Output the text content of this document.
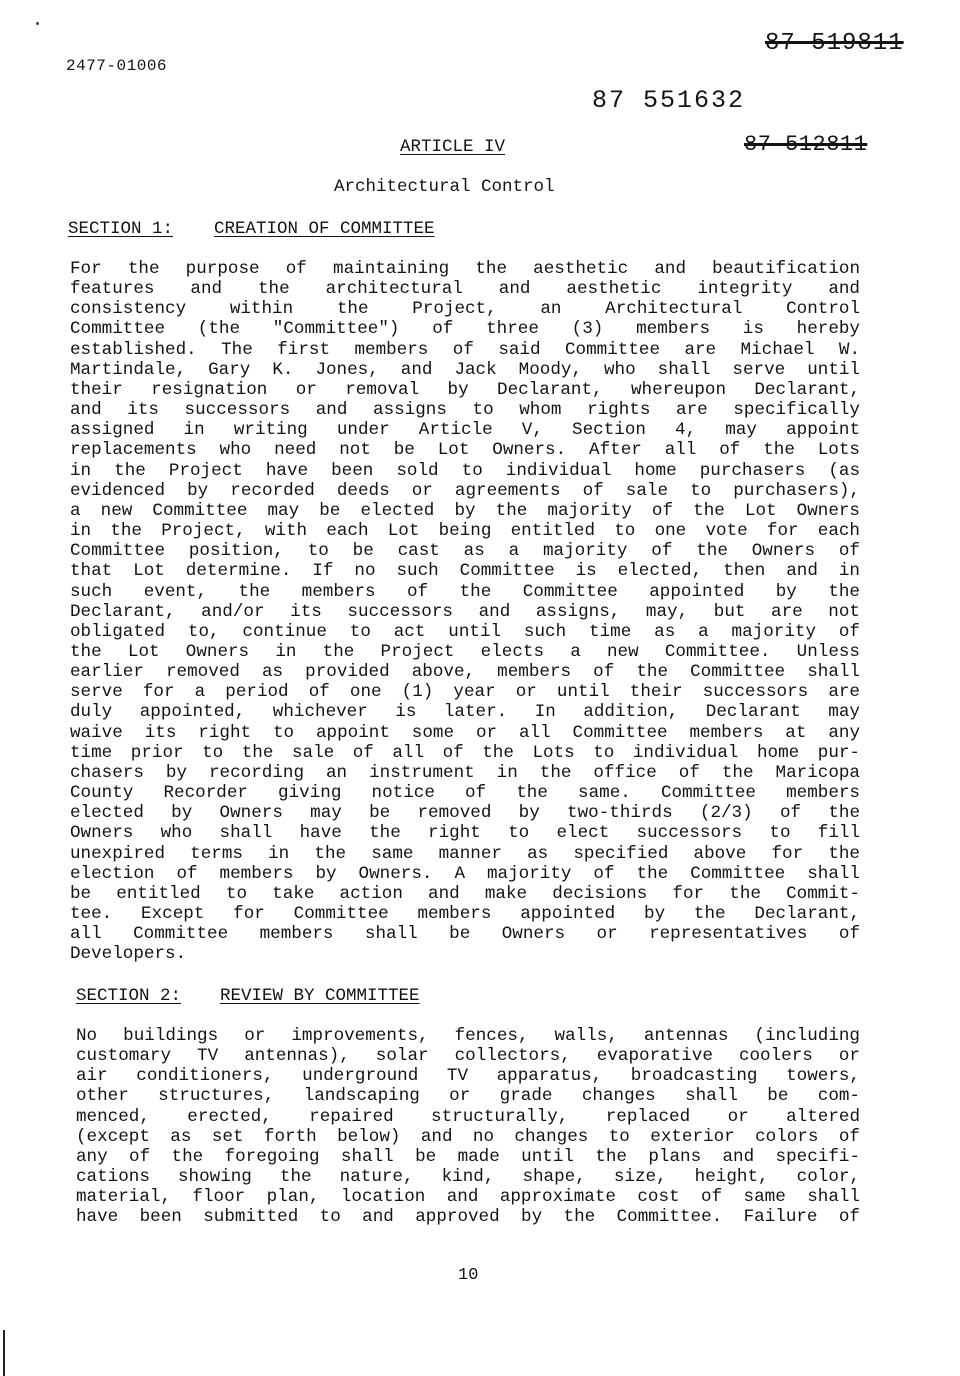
2477-01006
87-519811
87 551632
87-512811
ARTICLE IV
Architectural Control
SECTION 1: CREATION OF COMMITTEE
For the purpose of maintaining the aesthetic and beautification
features and the architectural and aesthetic integrity and
consistency within the Project, an Architectural Control
Committee (the "Committee") of three (3) members is hereby
established. The first members of said Committee are Michael W.
Martindale, Gary K. Jones, and Jack Moody, who shall serve until
their resignation or removal by Declarant, whereupon Declarant,
and its successors and assigns to whom rights are specifically
assigned in writing under Article V, Section 4, may appoint
replacements who need not be Lot Owners. After all of the Lots
in the Project have been sold to individual home purchasers (as
evidenced by recorded deeds or agreements of sale to purchasers),
a new Committee may be elected by the majority of the Lot Owners
in the Project, with each Lot being entitled to one vote for each
Committee position, to be cast as a majority of the Owners of
that Lot determine. If no such Committee is elected, then and in
such event, the members of the Committee appointed by the
Declarant, and/or its successors and assigns, may, but are not
obligated to, continue to act until such time as a majority of
the Lot Owners in the Project elects a new Committee. Unless
earlier removed as provided above, members of the Committee shall
serve for a period of one (1) year or until their successors are
duly appointed, whichever is later. In addition, Declarant may
waive its right to appoint some or all Committee members at any
time prior to the sale of all of the Lots to individual home pur-
chasers by recording an instrument in the office of the Maricopa
County Recorder giving notice of the same. Committee members
elected by Owners may be removed by two-thirds (2/3) of the
Owners who shall have the right to elect successors to fill
unexpired terms in the same manner as specified above for the
election of members by Owners. A majority of the Committee shall
be entitled to take action and make decisions for the Commit-
tee. Except for Committee members appointed by the Declarant,
all Committee members shall be Owners or representatives of
Developers.
SECTION 2: REVIEW BY COMMITTEE
No buildings or improvements, fences, walls, antennas (including
customary TV antennas), solar collectors, evaporative coolers or
air conditioners, underground TV apparatus, broadcasting towers,
other structures, landscaping or grade changes shall be com-
menced, erected, repaired structurally, replaced or altered
(except as set forth below) and no changes to exterior colors of
any of the foregoing shall be made until the plans and specifi-
cations showing the nature, kind, shape, size, height, color,
material, floor plan, location and approximate cost of same shall
have been submitted to and approved by the Committee. Failure of
10
